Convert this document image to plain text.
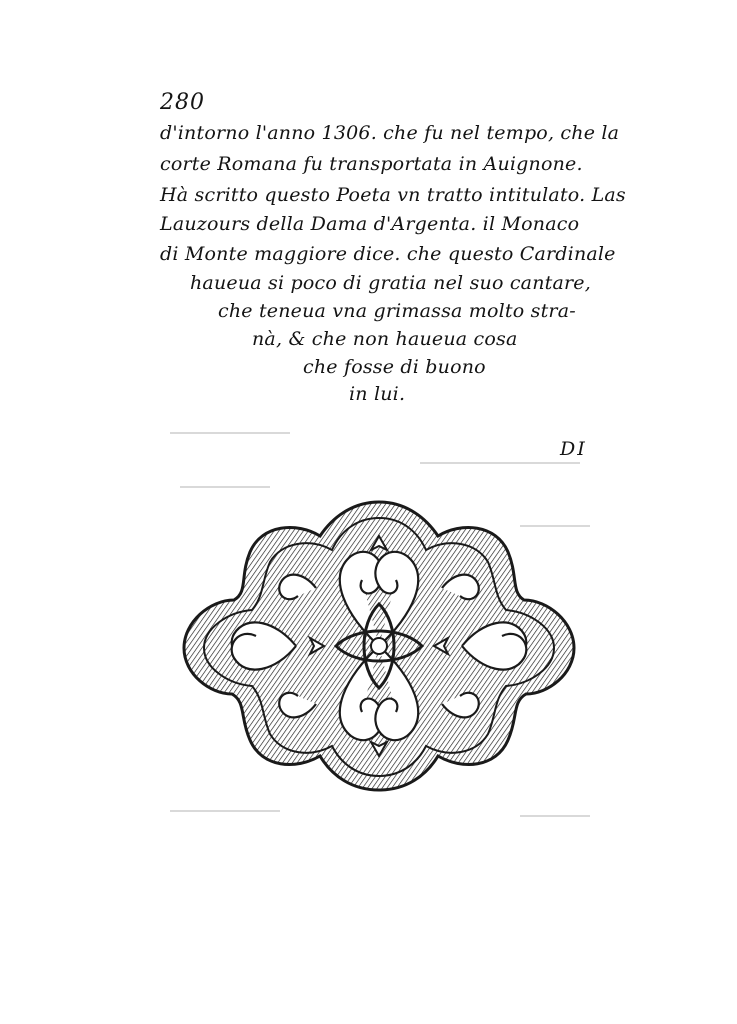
280
d'intorno l'anno 1306. che fu nel tempo, che la
corte Romana fu transportata in Auignone.
Hà scritto questo Poeta vn tratto intitulato. Las
Lauzours della Dama d'Argenta. il Monaco
di Monte maggiore dice. che questo Cardinale
haueua si poco di gratia nel suo cantare,
che teneua vna grimassa molto stra-
nà, & che non haueua cosa
che fosse di buono
in lui.
DI
